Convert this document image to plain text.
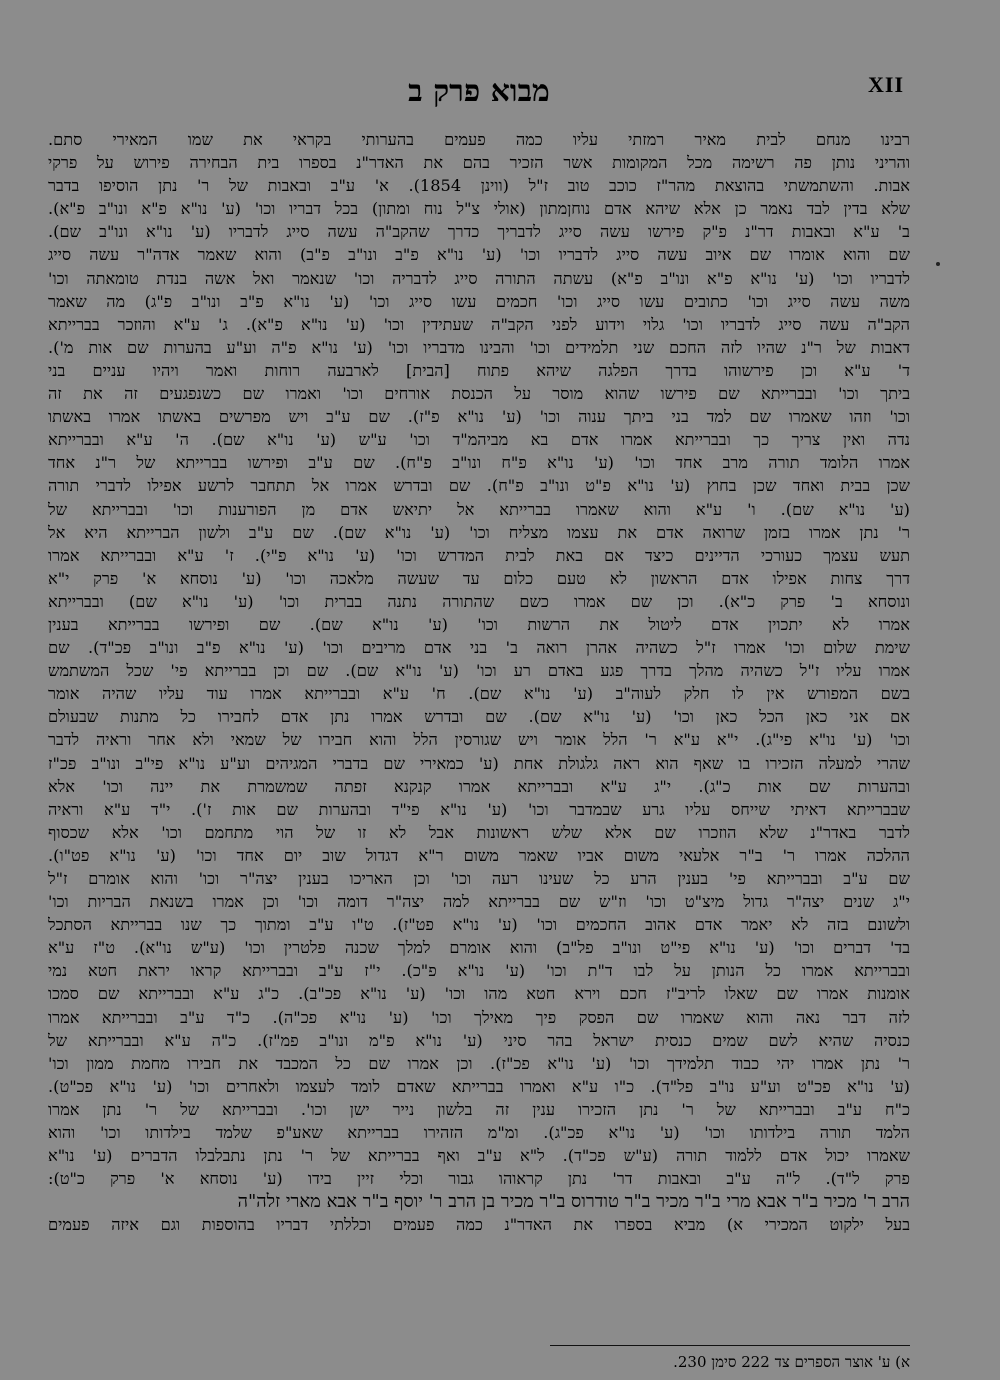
XII
מבוא פרק ב
רבינו מנחם לבית מאיר רמזתי עליו כמה פעמים בהערותי בקראי את שמו המאירי סתם.
והריני נותן פה רשימה מכל המקומות אשר הזכיר בהם את האדר"נ בספרו בית הבחירה פירוש על פרקי
אבות. והשתמשתי בהוצאת מהר"ז כוכב טוב ז"ל (ווינן 1854). א' ע"ב ובאבות של ר' נתן הוסיפו בדבר
שלא בדין לבד נאמר כן אלא שיהא אדם נוחןמתון (אולי צ"ל נוח ומתון) בכל דבריו וכו' (ע' נו"א פ"א ונו"ב פ"א).
ב' ע"א ובאבות דר"נ פ"ק פירשו עשה סייג לדבריך כדרך שהקב"ה עשה סייג לדבריו (ע' נו"א ונו"ב שם).
שם והוא אומרו שם איוב עשה סייג לדבריו וכו' (ע' נו"א פ"ב ונו"ב פ"ב) והוא שאמר אדה"ר עשה סייג
לדבריו וכו' (ע' נו"א פ"א ונו"ב פ"א) עשתה התורה סייג לדבריה וכו' שנאמר ואל אשה בנדת טומאתה וכו'
משה עשה סייג וכו' כתובים עשו סייג וכו' חכמים עשו סייג וכו' (ע' נו"א פ"ב ונו"ב פ"ג) מה שאמר
הקב"ה עשה סייג לדבריו וכו' גלוי וידוע לפני הקב"ה שעתידין וכו' (ע' נו"א פ"א). ג' ע"א והוזכר בברייתא
דאבות של ר"נ שהיו לזה החכם שני תלמידים וכו' והבינו מדבריו וכו' (ע' נו"א פ"ה וע"ע בהערות שם אות מ').
ד' ע"א וכן פירשוהו בדרך הפלגה שיהא פתוח [הבית] לארבעה רוחות ואמר ויהיו עניים בני
ביתך וכו' ובברייתא שם פירשו שהוא מוסר על הכנסת אורחים וכו' ואמרו שם כשנפגעים זה את זה
וכו' וזהו שאמרו שם למד בני ביתך ענוה וכו' (ע' נו"א פ"ז). שם ע"ב ויש מפרשים באשתו אמרו באשתו
נדה ואין צריך כך ובברייתא אמרו אדם בא מביהמ"ד וכו' ע"ש (ע' נו"א שם). ה' ע"א ובברייתא
אמרו הלומד תורה מרב אחד וכו' (ע' נו"א פ"ח ונו"ב פ"ח). שם ע"ב ופירשו בברייתא של ר"נ אחד
שכן בבית ואחד שכן בחוץ (ע' נו"א פ"ט ונו"ב פ"ח). שם ובדרש אמרו אל תתחבר לרשע אפילו לדברי תורה
(ע' נו"א שם). ו' ע"א והוא שאמרו בברייתא אל יתיאש אדם מן הפורענות וכו' ובברייתא של
ר' נתן אמרו בזמן שרואה אדם את עצמו מצליח וכו' (ע' נו"א שם). שם ע"ב ולשון הברייתא היא אל
תעש עצמך כעורכי הדיינים כיצד אם באת לבית המדרש וכו' (ע' נו"א פ"י). ז' ע"א ובברייתא אמרו
דרך צחות אפילו אדם הראשון לא טעם כלום עד שעשה מלאכה וכו' (ע' נוסחא א' פרק י"א
ונוסחא ב' פרק כ"א). וכן שם אמרו כשם שהתורה נתנה בברית וכו' (ע' נו"א שם) ובברייתא
אמרו לא יתכוין אדם ליטול את הרשות וכו' (ע' נו"א שם). שם ופירשו בברייתא בענין
שימת שלום וכו' אמרו ז"ל כשהיה אהרן רואה ב' בני אדם מריבים וכו' (ע' נו"א פ"ב ונו"ב פכ"ד). שם
אמרו עליו ז"ל כשהיה מהלך בדרך פגע באדם רע וכו' (ע' נו"א שם). שם וכן בברייתא פי' שכל המשתמש
בשם המפורש אין לו חלק לעוה"ב (ע' נו"א שם). ח' ע"א ובברייתא אמרו עוד עליו שהיה אומר
אם אני כאן הכל כאן וכו' (ע' נו"א שם). שם ובדרש אמרו נתן אדם לחבירו כל מתנות שבעולם
וכו' (ע' נו"א פי"ג). י"א ע"א ר' הלל אומר ויש שגורסין הלל והוא חבירו של שמאי ולא אחר וראיה לדבר
שהרי למעלה הזכירו בו שאף הוא ראה גלגולת אחת (ע' כמאירי שם בדברי המגיהים וע"ע נו"א פי"ב ונו"ב פכ"ז
ובהערות שם אות כ"ג). י"ג ע"א ובברייתא אמרו קנקנא זפתה שמשמרת את יינה וכו' אלא
שבברייתא דאיתי שייחס עליו גרע שבמדבר וכו' (ע' נו"א פי"ד ובהערות שם אות ז'). י"ד ע"א וראיה
לדבר באדר"נ שלא הוזכרו שם אלא שלש ראשונות אבל לא זו של הוי מתחמם וכו' אלא שכסוף
ההלכה אמרו ר' ב"ר אלעאי משום אביו שאמר משום ר"א דגדול שוב יום אחד וכו' (ע' נו"א פט"ו).
שם ע"ב ובברייתא פי' בענין הרע כל שעינו רעה וכו' וכן האריכו בענין יצה"ר וכו' והוא אומרם ז"ל
י"ג שנים יצה"ר גדול מיצ"ט וכו' וז"ש שם בברייתא למה יצה"ר דומה וכו' וכן אמרו בשנאת הבריות וכו'
ולשונם בזה לא יאמר אדם אהוב החכמים וכו' (ע' נו"א פט"ז). ט"ו ע"ב ומתוך כך שנו בברייתא הסתכל
בד' דברים וכו' (ע' נו"א פי"ט ונו"ב פל"ב) והוא אומרם למלך שכנה פלטרין וכו' (ע"ש נו"א). ט"ז ע"א
ובברייתא אמרו כל הנותן על לבו ד"ת וכו' (ע' נו"א פ"כ). י"ז ע"ב ובברייתא קראו יראת חטא נמי
אומנות אמרו שם שאלו לריב"ז חכם וירא חטא מהו וכו' (ע' נו"א פכ"ב). כ"ג ע"א ובברייתא שם סמכו
לזה דבר נאה והוא שאמרו שם הפסק פיך מאילך וכו' (ע' נו"א פכ"ה). כ"ד ע"ב ובברייתא אמרו
כנסיה שהיא לשם שמים כנסית ישראל בהר סיני (ע' נו"א פ"מ ונו"ב פמ"ז). כ"ה ע"א ובברייתא של
ר' נתן אמרו יהי כבוד תלמידך וכו' (ע' נו"א פכ"ז). וכן אמרו שם כל המכבד את חבירו מחמת ממון וכו'
(ע' נו"א פכ"ט וע"ע נו"ב פל"ד). כ"ו ע"א ואמרו בברייתא שאדם לומד לעצמו ולאחרים וכו' (ע' נו"א פכ"ט).
כ"ח ע"ב ובברייתא של ר' נתן הזכירו ענין זה בלשון נייר ישן וכו'. ובברייתא של ר' נתן אמרו
הלמד תורה בילדותו וכו' (ע' נו"א פכ"ג). ומ"מ הזהירו בברייתא שאע"פ שלמד בילדותו וכו' והוא
שאמרו יכול אדם ללמוד תורה (ע"ש פכ"ד). ל"א ע"ב ואף בברייתא של ר' נתן נתבלבלו הדברים (ע' נו"א
פרק ל"ד). ל"ה ע"ב ובאבות דר' נתן קראוהו גבור וכלי זיין בידו (ע' נוסחא א' פרק כ"ט):
הרב ר' מכיר ב"ר אבא מרי ב"ר מכיר ב"ר טודרוס ב"ר מכיר בן הרב ר' יוסף ב"ר אבא מארי זלה"ה
בעל ילקוט המכירי א) מביא בספרו את האדר"נ כמה פעמים וכללתי דבריו בהוספות וגם איזה פעמים
א) ע' אוצר הספרים צד 222 סימן 230.
